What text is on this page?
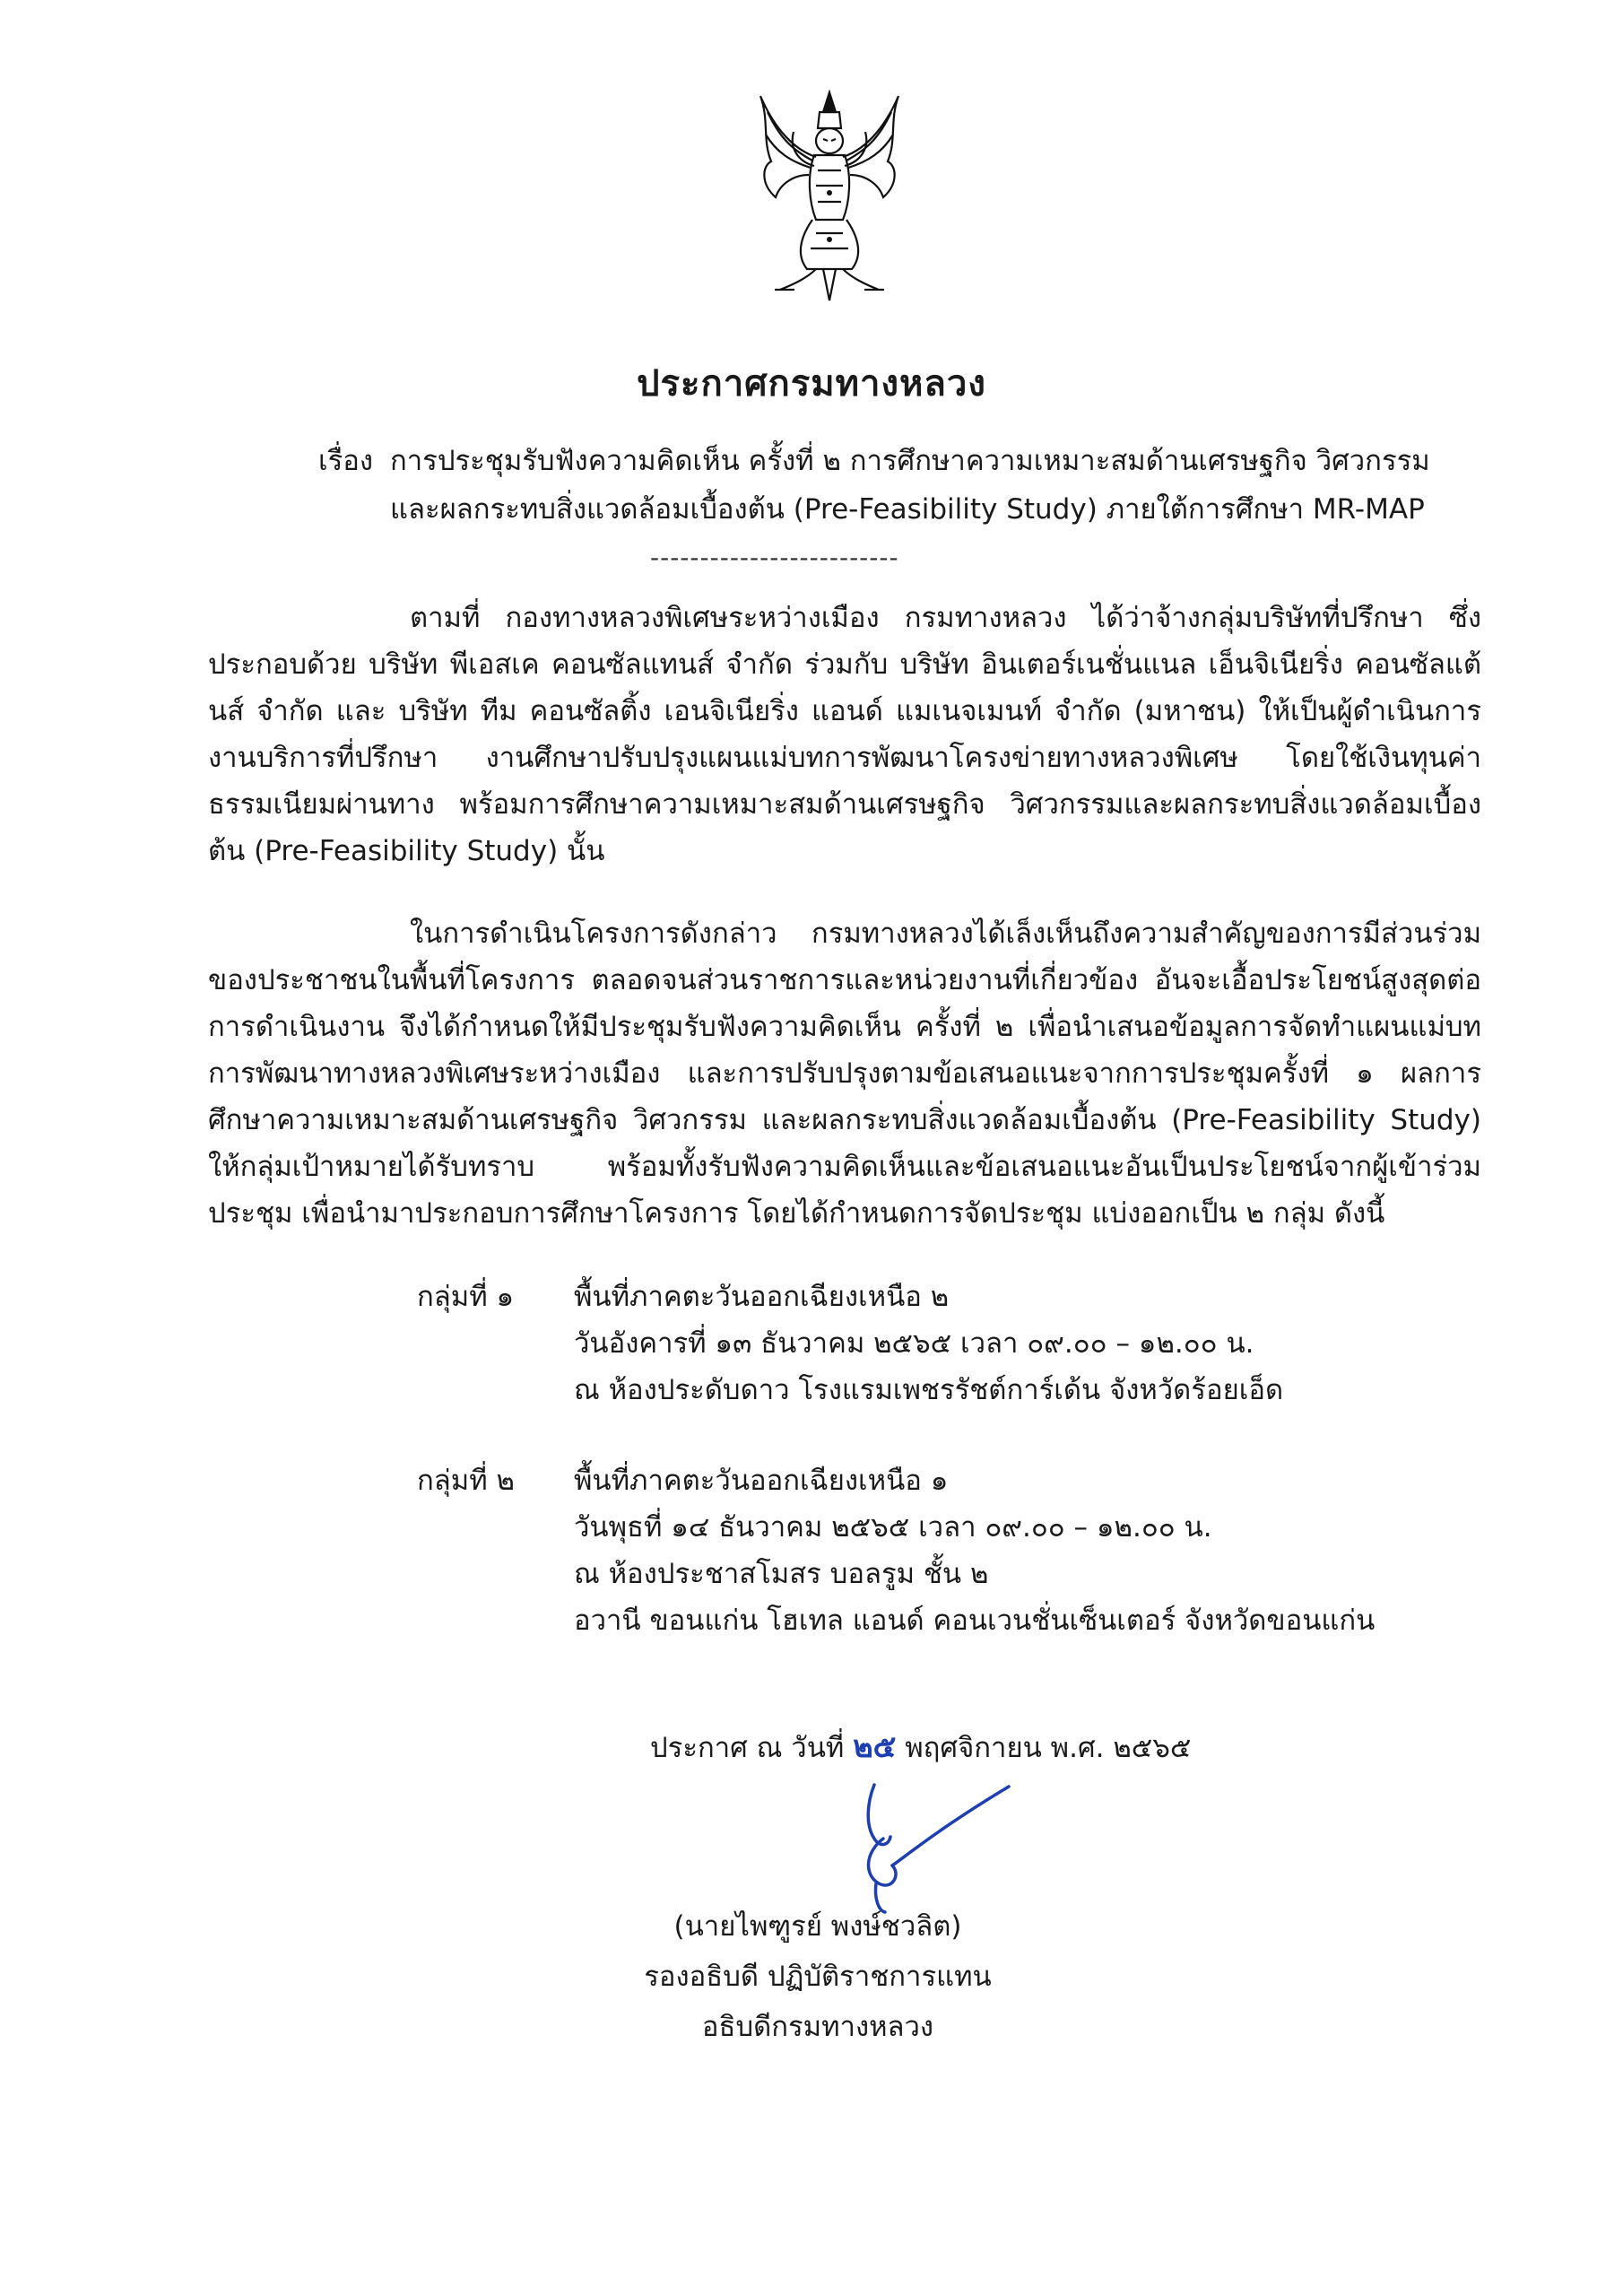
ประกาศกรมทางหลวง
เรื่อง การประชุมรับฟังความคิดเห็น ครั้งที่ ๒ การศึกษาความเหมาะสมด้านเศรษฐกิจ วิศวกรรม
และผลกระทบสิ่งแวดล้อมเบื้องต้น (Pre-Feasibility Study) ภายใต้การศึกษา MR-MAP
-------------------------
ตามที่ กองทางหลวงพิเศษระหว่างเมือง กรมทางหลวง ได้ว่าจ้างกลุ่มบริษัทที่ปรึกษา ซึ่งประกอบด้วย บริษัท พีเอสเค คอนซัลแทนส์ จำกัด ร่วมกับ บริษัท อินเตอร์เนชั่นแนล เอ็นจิเนียริ่ง คอนซัลแต้นส์ จำกัด และ บริษัท ทีม คอนซัลติ้ง เอนจิเนียริ่ง แอนด์ แมเนจเมนท์ จำกัด (มหาชน) ให้เป็นผู้ดำเนินการ งานบริการที่ปรึกษา งานศึกษาปรับปรุงแผนแม่บทการพัฒนาโครงข่ายทางหลวงพิเศษ โดยใช้เงินทุนค่าธรรมเนียมผ่านทาง พร้อมการศึกษาความเหมาะสมด้านเศรษฐกิจ วิศวกรรมและผลกระทบสิ่งแวดล้อมเบื้องต้น (Pre-Feasibility Study) นั้น
ในการดำเนินโครงการดังกล่าว กรมทางหลวงได้เล็งเห็นถึงความสำคัญของการมีส่วนร่วมของประชาชนในพื้นที่โครงการ ตลอดจนส่วนราชการและหน่วยงานที่เกี่ยวข้อง อันจะเอื้อประโยชน์สูงสุดต่อการดำเนินงาน จึงได้กำหนดให้มีประชุมรับฟังความคิดเห็น ครั้งที่ ๒ เพื่อนำเสนอข้อมูลการจัดทำแผนแม่บทการพัฒนาทางหลวงพิเศษระหว่างเมือง และการปรับปรุงตามข้อเสนอแนะจากการประชุมครั้งที่ ๑ ผลการศึกษาความเหมาะสมด้านเศรษฐกิจ วิศวกรรม และผลกระทบสิ่งแวดล้อมเบื้องต้น (Pre-Feasibility Study) ให้กลุ่มเป้าหมายได้รับทราบ พร้อมทั้งรับฟังความคิดเห็นและข้อเสนอแนะอันเป็นประโยชน์จากผู้เข้าร่วมประชุม เพื่อนำมาประกอบการศึกษาโครงการ โดยได้กำหนดการจัดประชุม แบ่งออกเป็น ๒ กลุ่ม ดังนี้
กลุ่มที่ ๑	พื้นที่ภาคตะวันออกเฉียงเหนือ ๒
วันอังคารที่ ๑๓ ธันวาคม ๒๕๖๕ เวลา ๐๙.๐๐ – ๑๒.๐๐ น.
ณ ห้องประดับดาว โรงแรมเพชรรัชต์การ์เด้น จังหวัดร้อยเอ็ด
กลุ่มที่ ๒	พื้นที่ภาคตะวันออกเฉียงเหนือ ๑
วันพุธที่ ๑๔ ธันวาคม ๒๕๖๕ เวลา ๐๙.๐๐ – ๑๒.๐๐ น.
ณ ห้องประชาสโมสร บอลรูม ชั้น ๒
อวานี ขอนแก่น โฮเทล แอนด์ คอนเวนชั่นเซ็นเตอร์ จังหวัดขอนแก่น
ประกาศ ณ วันที่ ๒๕ พฤศจิกายน พ.ศ. ๒๕๖๕
(นายไพฑูรย์ พงษ์ชวลิต)
รองอธิบดี ปฏิบัติราชการแทน
อธิบดีกรมทางหลวง
